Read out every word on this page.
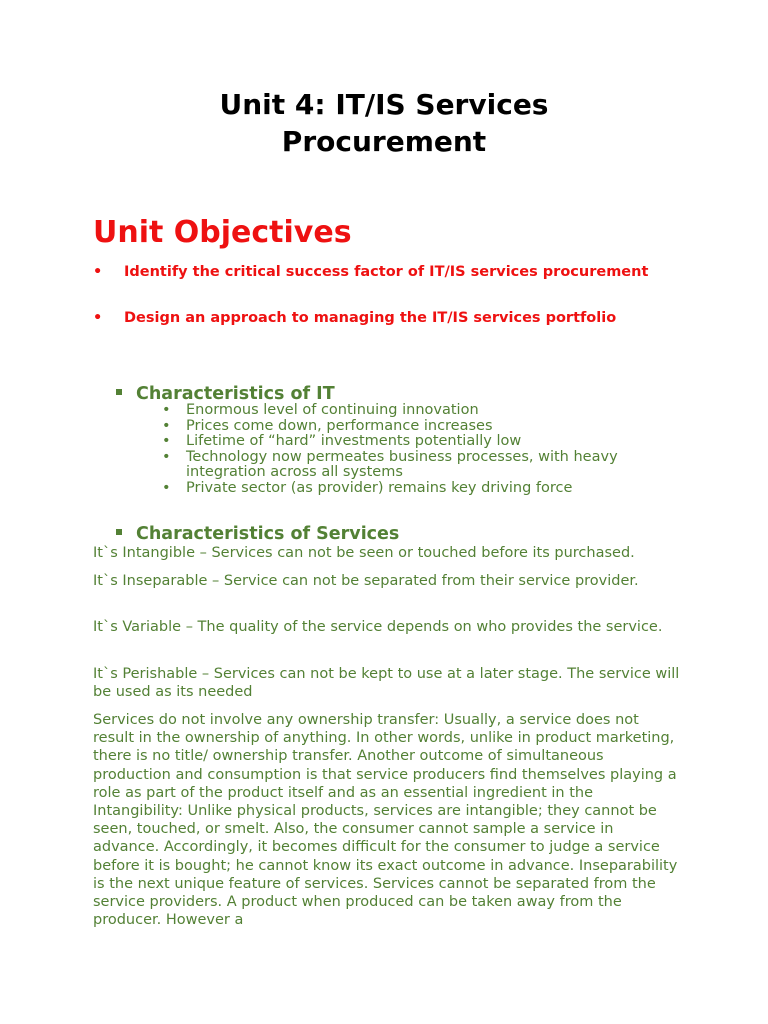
Unit 4: IT/IS Services
Procurement
Unit Objectives
• Identify the critical success factor of IT/IS services procurement
• Design an approach to managing the IT/IS services portfolio
Characteristics of IT
• Enormous level of continuing innovation
• Prices come down, performance increases
• Lifetime of “hard” investments potentially low
• Technology now permeates business processes, with heavy integration across all systems
• Private sector (as provider) remains key driving force
Characteristics of Services

It`s Intangible – Services can not be seen or touched before its purchased.

It`s Inseparable – Service can not be separated from their service provider.

It`s Variable – The quality of the service depends on who provides the service.

It`s Perishable – Services can not be kept to use at a later stage. The service will be used as its needed

Services do not involve any ownership transfer: Usually, a service does not result in the ownership of anything. In other words, unlike in product marketing, there is no title/ ownership transfer. Another outcome of simultaneous production and consumption is that service producers find themselves playing a role as part of the product itself and as an essential ingredient in the Intangibility: Unlike physical products, services are intangible; they cannot be seen, touched, or smelt. Also, the consumer cannot sample a service in advance. Accordingly, it becomes difficult for the consumer to judge a service before it is bought; he cannot know its exact outcome in advance. Inseparability is the next unique feature of services. Services cannot be separated from the service providers. A product when produced can be taken away from the producer. However a
